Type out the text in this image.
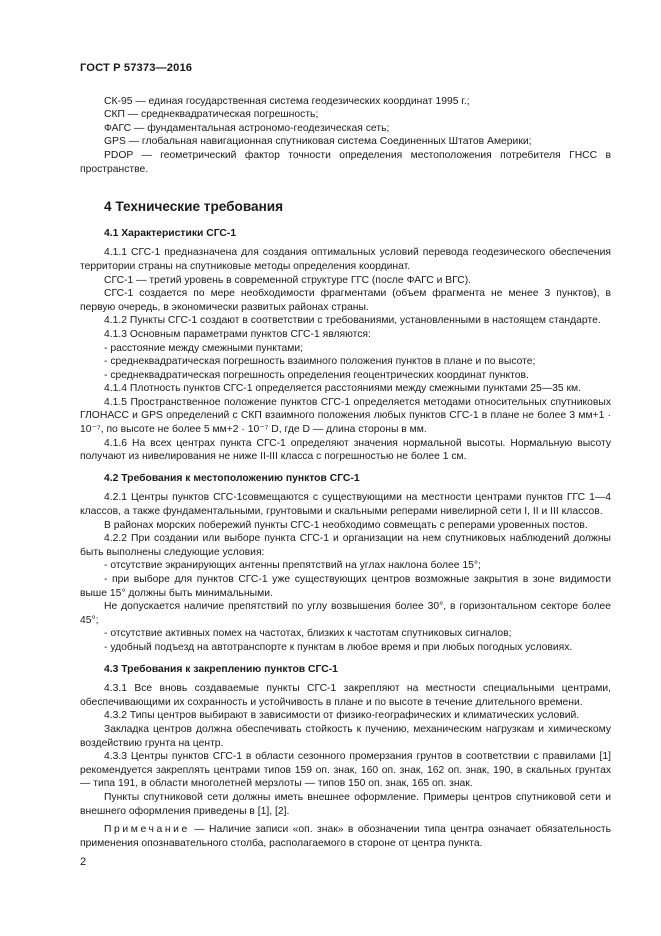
ГОСТ Р 57373—2016

СК-95 — единая государственная система геодезических координат 1995 г.;

СКП — среднеквадратическая погрешность;

ФАГС — фундаментальная астрономо-геодезическая сеть;

GPS — глобальная навигационная спутниковая система Соединенных Штатов Америки;

PDOP — геометрический фактор точности определения местоположения потребителя ГНСС в пространстве.

4 Технические требования
4.1 Характеристики СГС-1

4.1.1 СГС-1 предназначена для создания оптимальных условий перевода геодезического обеспечения территории страны на спутниковые методы определения координат.

СГС-1 — третий уровень в современной структуре ГГС (после ФАГС и ВГС).

СГС-1 создается по мере необходимости фрагментами (объем фрагмента не менее 3 пунктов), в первую очередь, в экономически развитых районах страны.

4.1.2 Пункты СГС-1 создают в соответствии с требованиями, установленными в настоящем стандарте.

4.1.3 Основным параметрами пунктов СГС-1 являются:

- расстояние между смежными пунктами;

- среднеквадратическая погрешность взаимного положения пунктов в плане и по высоте;

- среднеквадратическая погрешность определения геоцентрических координат пунктов.

4.1.4 Плотность пунктов СГС-1 определяется расстояниями между смежными пунктами 25—35 км.

4.1.5 Пространственное положение пунктов СГС-1 определяется методами относительных спутниковых ГЛОНАСС и GPS определений с СКП взаимного положения любых пунктов СГС-1 в плане не более 3 мм+1 · 10⁻⁷, по высоте не более 5 мм+2 · 10⁻⁷ D, где D — длина стороны в мм.

4.1.6 На всех центрах пункта СГС-1 определяют значения нормальной высоты. Нормальную высоту получают из нивелирования не ниже II-III класса с погрешностью не более 1 см.

4.2 Требования к местоположению пунктов СГС-1

4.2.1 Центры пунктов СГС-1совмещаются с существующими на местности центрами пунктов ГГС 1—4 классов, а также фундаментальными, грунтовыми и скальными реперами нивелирной сети I, II и III классов.

В районах морских побережий пункты СГС-1 необходимо совмещать с реперами уровенных постов.

4.2.2 При создании или выборе пункта СГС-1 и организации на нем спутниковых наблюдений должны быть выполнены следующие условия:

- отсутствие экранирующих антенны препятствий на углах наклона более 15°;

- при выборе для пунктов СГС-1 уже существующих центров возможные закрытия в зоне видимости выше 15° должны быть минимальными.

Не допускается наличие препятствий по углу возвышения более 30°, в горизонтальном секторе более 45°;

- отсутствие активных помех на частотах, близких к частотам спутниковых сигналов;

- удобный подъезд на автотранспорте к пунктам в любое время и при любых погодных условиях.

4.3 Требования к закреплению пунктов СГС-1

4.3.1 Все вновь создаваемые пункты СГС-1 закрепляют на местности специальными центрами, обеспечивающими их сохранность и устойчивость в плане и по высоте в течение длительного времени.

4.3.2 Типы центров выбирают в зависимости от физико-географических и климатических условий.

Закладка центров должна обеспечивать стойкость к пучению, механическим нагрузкам и химическому воздействию грунта на центр.

4.3.3 Центры пунктов СГС-1 в области сезонного промерзания грунтов в соответствии с правилами [1] рекомендуется закреплять центрами типов 159 оп. знак, 160 оп. знак, 162 оп. знак, 190, в скальных грунтах — типа 191, в области многолетней мерзлоты — типов 150 оп. знак, 165 оп. знак.

Пункты спутниковой сети должны иметь внешнее оформление. Примеры центров спутниковой сети и внешнего оформления приведены в [1], [2].

Примечание — Наличие записи «оп. знак» в обозначении типа центра означает обязательность применения опознавательного столба, располагаемого в стороне от центра пункта.

2
